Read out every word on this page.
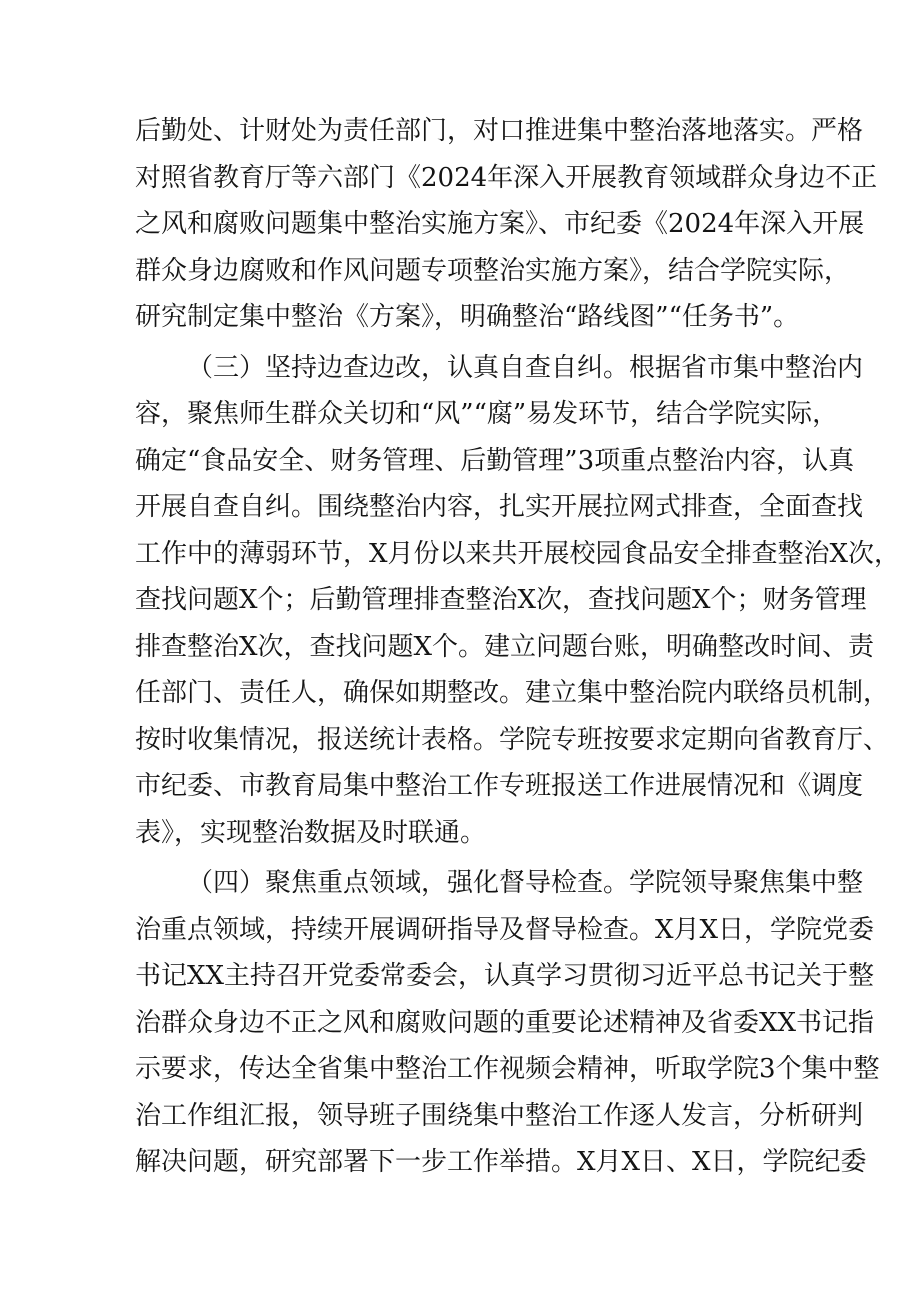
后勤处、计财处为责任部门，对口推进集中整治落地落实。严格
对照省教育厅等六部门《2024年深入开展教育领域群众身边不正
之风和腐败问题集中整治实施方案》、市纪委《2024年深入开展
群众身边腐败和作风问题专项整治实施方案》，结合学院实际，
研究制定集中整治《方案》，明确整治“路线图”“任务书”。
（三）坚持边查边改，认真自查自纠。根据省市集中整治内
容，聚焦师生群众关切和“风”“腐”易发环节，结合学院实际，
确定“食品安全、财务管理、后勤管理”3项重点整治内容，认真
开展自查自纠。围绕整治内容，扎实开展拉网式排查，全面查找
工作中的薄弱环节，X月份以来共开展校园食品安全排查整治X次，
查找问题X个；后勤管理排查整治X次，查找问题X个；财务管理
排查整治X次，查找问题X个。建立问题台账，明确整改时间、责
任部门、责任人，确保如期整改。建立集中整治院内联络员机制，
按时收集情况，报送统计表格。学院专班按要求定期向省教育厅、
市纪委、市教育局集中整治工作专班报送工作进展情况和《调度
表》，实现整治数据及时联通。
（四）聚焦重点领域，强化督导检查。学院领导聚焦集中整
治重点领域，持续开展调研指导及督导检查。X月X日，学院党委
书记XX主持召开党委常委会，认真学习贯彻习近平总书记关于整
治群众身边不正之风和腐败问题的重要论述精神及省委XX书记指
示要求，传达全省集中整治工作视频会精神，听取学院3个集中整
治工作组汇报，领导班子围绕集中整治工作逐人发言，分析研判
解决问题，研究部署下一步工作举措。X月X日、X日，学院纪委
